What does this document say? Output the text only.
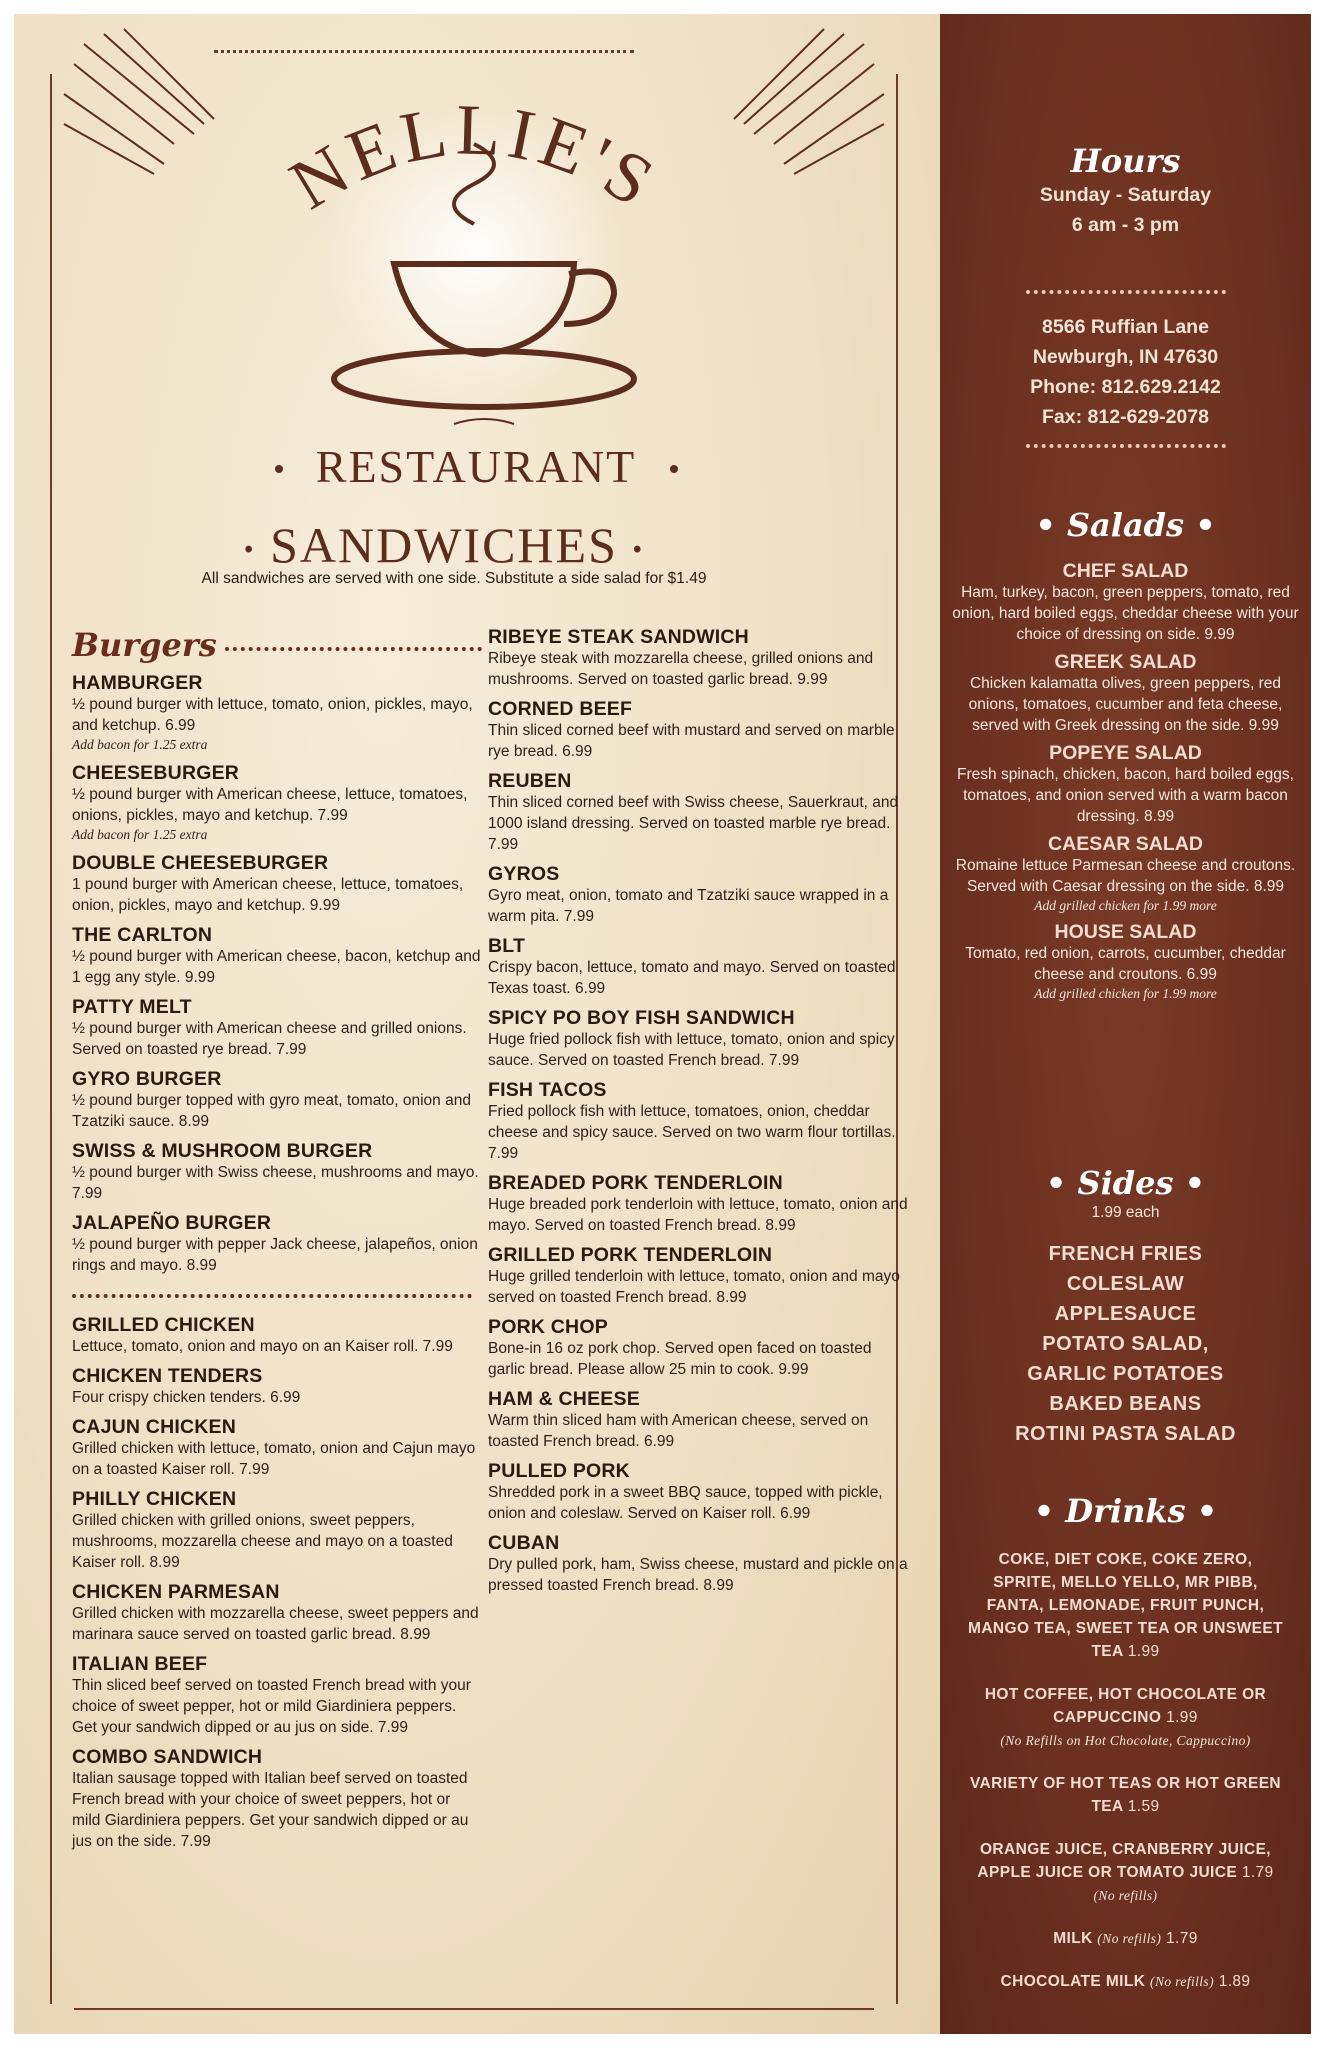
NELLIE'S
RESTAURANT
• SANDWICHES •
All sandwiches are served with one side. Substitute a side salad for $1.49
Burgers
HAMBURGER
½ pound burger with lettuce, tomato, onion, pickles, mayo, and ketchup. 6.99
Add bacon for 1.25 extra
CHEESEBURGER
½ pound burger with American cheese, lettuce, tomatoes, onions, pickles, mayo and ketchup. 7.99
Add bacon for 1.25 extra
DOUBLE CHEESEBURGER
1 pound burger with American cheese, lettuce, tomatoes, onion, pickles, mayo and ketchup. 9.99
THE CARLTON
½ pound burger with American cheese, bacon, ketchup and 1 egg any style. 9.99
PATTY MELT
½ pound burger with American cheese and grilled onions. Served on toasted rye bread. 7.99
GYRO BURGER
½ pound burger topped with gyro meat, tomato, onion and Tzatziki sauce. 8.99
SWISS & MUSHROOM BURGER
½ pound burger with Swiss cheese, mushrooms and mayo. 7.99
JALAPEÑO BURGER
½ pound burger with pepper Jack cheese, jalapeños, onion rings and mayo. 8.99
GRILLED CHICKEN
Lettuce, tomato, onion and mayo on an Kaiser roll. 7.99
CHICKEN TENDERS
Four crispy chicken tenders. 6.99
CAJUN CHICKEN
Grilled chicken with lettuce, tomato, onion and Cajun mayo on a toasted Kaiser roll. 7.99
PHILLY CHICKEN
Grilled chicken with grilled onions, sweet peppers, mushrooms, mozzarella cheese and mayo on a toasted Kaiser roll. 8.99
CHICKEN PARMESAN
Grilled chicken with mozzarella cheese, sweet peppers and marinara sauce served on toasted garlic bread. 8.99
ITALIAN BEEF
Thin sliced beef served on toasted French bread with your choice of sweet pepper, hot or mild Giardiniera peppers. Get your sandwich dipped or au jus on side. 7.99
COMBO SANDWICH
Italian sausage topped with Italian beef served on toasted French bread with your choice of sweet peppers, hot or mild Giardiniera peppers. Get your sandwich dipped or au jus on the side. 7.99
RIBEYE STEAK SANDWICH
Ribeye steak with mozzarella cheese, grilled onions and mushrooms. Served on toasted garlic bread. 9.99
CORNED BEEF
Thin sliced corned beef with mustard and served on marble rye bread. 6.99
REUBEN
Thin sliced corned beef with Swiss cheese, Sauerkraut, and 1000 island dressing. Served on toasted marble rye bread. 7.99
GYROS
Gyro meat, onion, tomato and Tzatziki sauce wrapped in a warm pita. 7.99
BLT
Crispy bacon, lettuce, tomato and mayo. Served on toasted Texas toast. 6.99
SPICY PO BOY FISH SANDWICH
Huge fried pollock fish with lettuce, tomato, onion and spicy sauce. Served on toasted French bread. 7.99
FISH TACOS
Fried pollock fish with lettuce, tomatoes, onion, cheddar cheese and spicy sauce. Served on two warm flour tortillas. 7.99
BREADED PORK TENDERLOIN
Huge breaded pork tenderloin with lettuce, tomato, onion and mayo. Served on toasted French bread. 8.99
GRILLED PORK TENDERLOIN
Huge grilled tenderloin with lettuce, tomato, onion and mayo served on toasted French bread. 8.99
PORK CHOP
Bone-in 16 oz pork chop. Served open faced on toasted garlic bread. Please allow 25 min to cook. 9.99
HAM & CHEESE
Warm thin sliced ham with American cheese, served on toasted French bread. 6.99
PULLED PORK
Shredded pork in a sweet BBQ sauce, topped with pickle, onion and coleslaw. Served on Kaiser roll. 6.99
CUBAN
Dry pulled pork, ham, Swiss cheese, mustard and pickle on a pressed toasted French bread. 8.99
Hours
Sunday - Saturday
6 am - 3 pm
8566 Ruffian Lane
Newburgh, IN 47630
Phone: 812.629.2142
Fax: 812-629-2078
• Salads •
CHEF SALAD
Ham, turkey, bacon, green peppers, tomato, red onion, hard boiled eggs, cheddar cheese with your choice of dressing on side. 9.99
GREEK SALAD
Chicken kalamatta olives, green peppers, red onions, tomatoes, cucumber and feta cheese, served with Greek dressing on the side. 9.99
POPEYE SALAD
Fresh spinach, chicken, bacon, hard boiled eggs, tomatoes, and onion served with a warm bacon dressing. 8.99
CAESAR SALAD
Romaine lettuce Parmesan cheese and croutons. Served with Caesar dressing on the side. 8.99
Add grilled chicken for 1.99 more
HOUSE SALAD
Tomato, red onion, carrots, cucumber, cheddar cheese and croutons. 6.99
Add grilled chicken for 1.99 more
• Sides •
1.99 each
FRENCH FRIES
COLESLAW
APPLESAUCE
POTATO SALAD,
GARLIC POTATOES
BAKED BEANS
ROTINI PASTA SALAD
• Drinks •
COKE, DIET COKE, COKE ZERO, SPRITE, MELLO YELLO, MR PIBB, FANTA, LEMONADE, FRUIT PUNCH, MANGO TEA, SWEET TEA OR UNSWEET TEA 1.99
HOT COFFEE, HOT CHOCOLATE OR CAPPUCCINO 1.99
(No Refills on Hot Chocolate, Cappuccino)
VARIETY OF HOT TEAS OR HOT GREEN TEA 1.59
ORANGE JUICE, CRANBERRY JUICE, APPLE JUICE OR TOMATO JUICE 1.79
(No refills)
MILK (No refills) 1.79
CHOCOLATE MILK (No refills) 1.89
